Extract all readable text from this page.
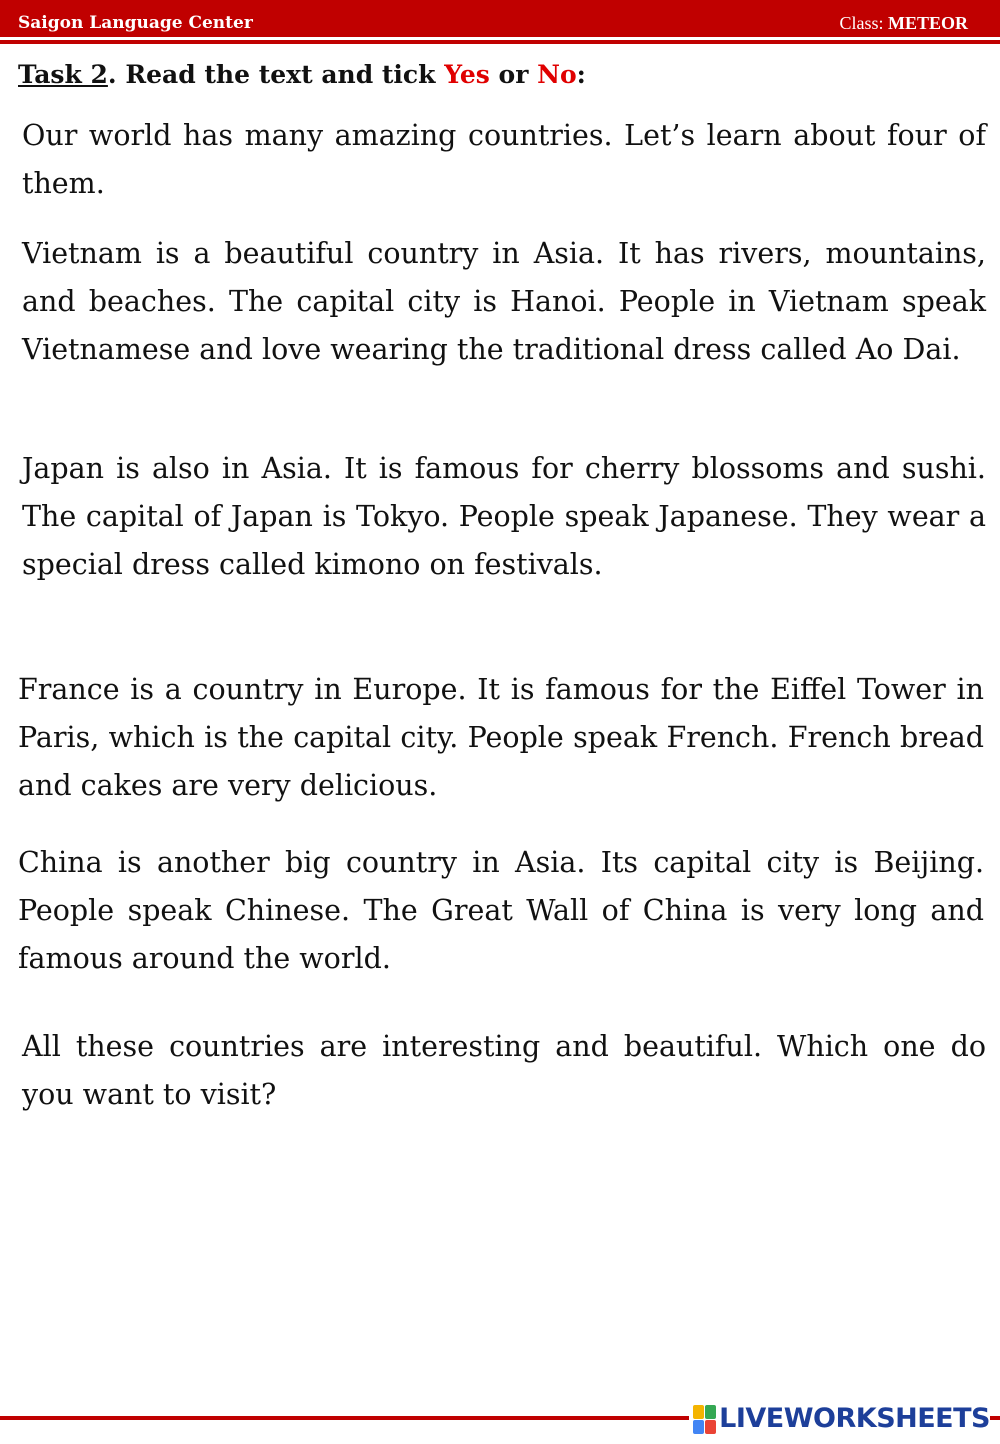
Saigon Language Center	Class: METEOR
Task 2. Read the text and tick Yes or No:

Our world has many amazing countries. Let’s learn about four of them.

Vietnam is a beautiful country in Asia. It has rivers, mountains, and beaches. The capital city is Hanoi. People in Vietnam speak Vietnamese and love wearing the traditional dress called Ao Dai.

Japan is also in Asia. It is famous for cherry blossoms and sushi. The capital of Japan is Tokyo. People speak Japanese. They wear a special dress called kimono on festivals.

France is a country in Europe. It is famous for the Eiffel Tower in Paris, which is the capital city. People speak French. French bread and cakes are very delicious.

China is another big country in Asia. Its capital city is Beijing. People speak Chinese. The Great Wall of China is very long and famous around the world.

All these countries are interesting and beautiful. Which one do you want to visit?

LIVEWORKSHEETS
